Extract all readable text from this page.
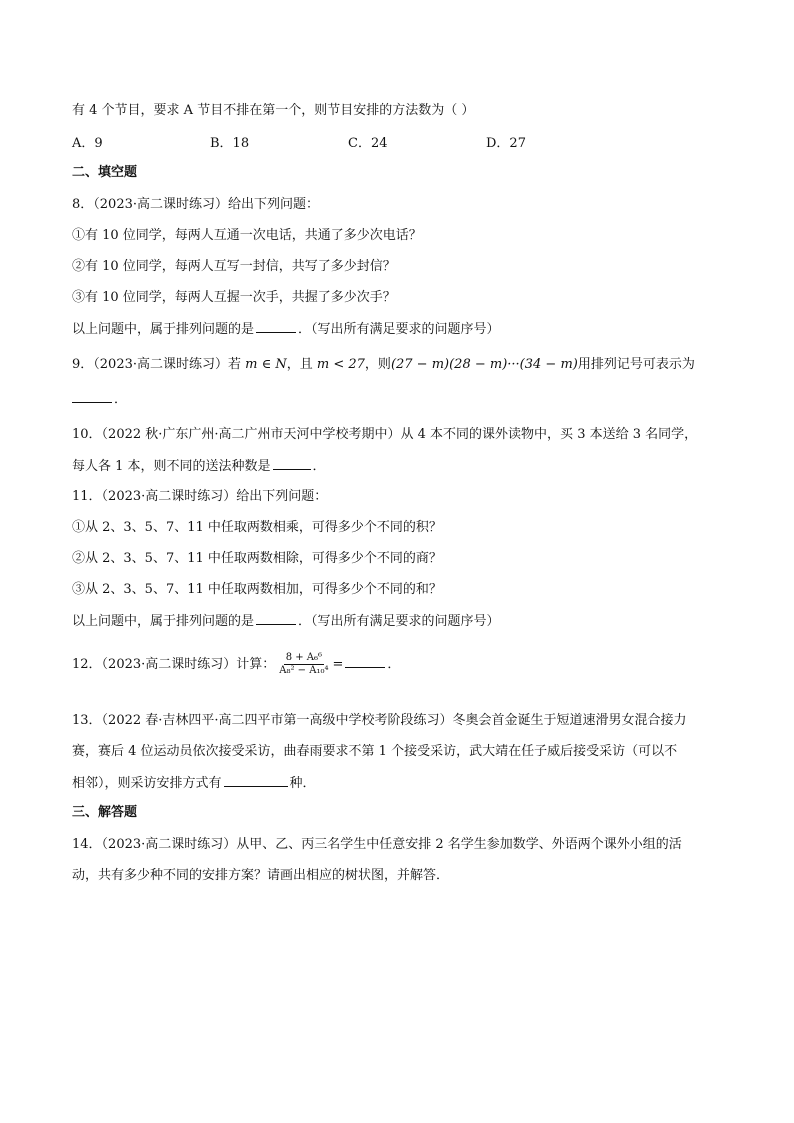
有 4 个节目，要求 A 节目不排在第一个，则节目安排的方法数为（ ）
A．9	B．18	C．24	D．27
二、填空题
8．（2023·高二课时练习）给出下列问题：
①有 10 位同学，每两人互通一次电话，共通了多少次电话？
②有 10 位同学，每两人互写一封信，共写了多少封信？
③有 10 位同学，每两人互握一次手，共握了多少次手？
以上问题中，属于排列问题的是	．（写出所有满足要求的问题序号）
9．（2023·高二课时练习）若 m ∈ N，且 m < 27，则(27 − m)(28 − m)···(34 − m)用排列记号可表示为
．
10．（2022 秋·广东广州·高二广州市天河中学校考期中）从 4 本不同的课外读物中，买 3 本送给 3 名同学，
每人各 1 本，则不同的送法种数是	．
11．（2023·高二课时练习）给出下列问题：
①从 2、3、5、7、11 中任取两数相乘，可得多少个不同的积？
②从 2、3、5、7、11 中任取两数相除，可得多少个不同的商？
③从 2、3、5、7、11 中任取两数相加，可得多少个不同的和？
以上问题中，属于排列问题的是	．（写出所有满足要求的问题序号）
12．（2023·高二课时练习）计算： $\frac{\text{8 + A₆⁶}}{\text{A₈² − A₁₀⁴}}$ =	．
13．（2022 春·吉林四平·高二四平市第一高级中学校考阶段练习）冬奥会首金诞生于短道速滑男女混合接力
赛，赛后 4 位运动员依次接受采访，曲春雨要求不第 1 个接受采访，武大靖在任子威后接受采访（可以不
相邻），则采访安排方式有	种．
三、解答题
14．（2023·高二课时练习）从甲、乙、丙三名学生中任意安排 2 名学生参加数学、外语两个课外小组的活
动，共有多少种不同的安排方案？请画出相应的树状图，并解答．
